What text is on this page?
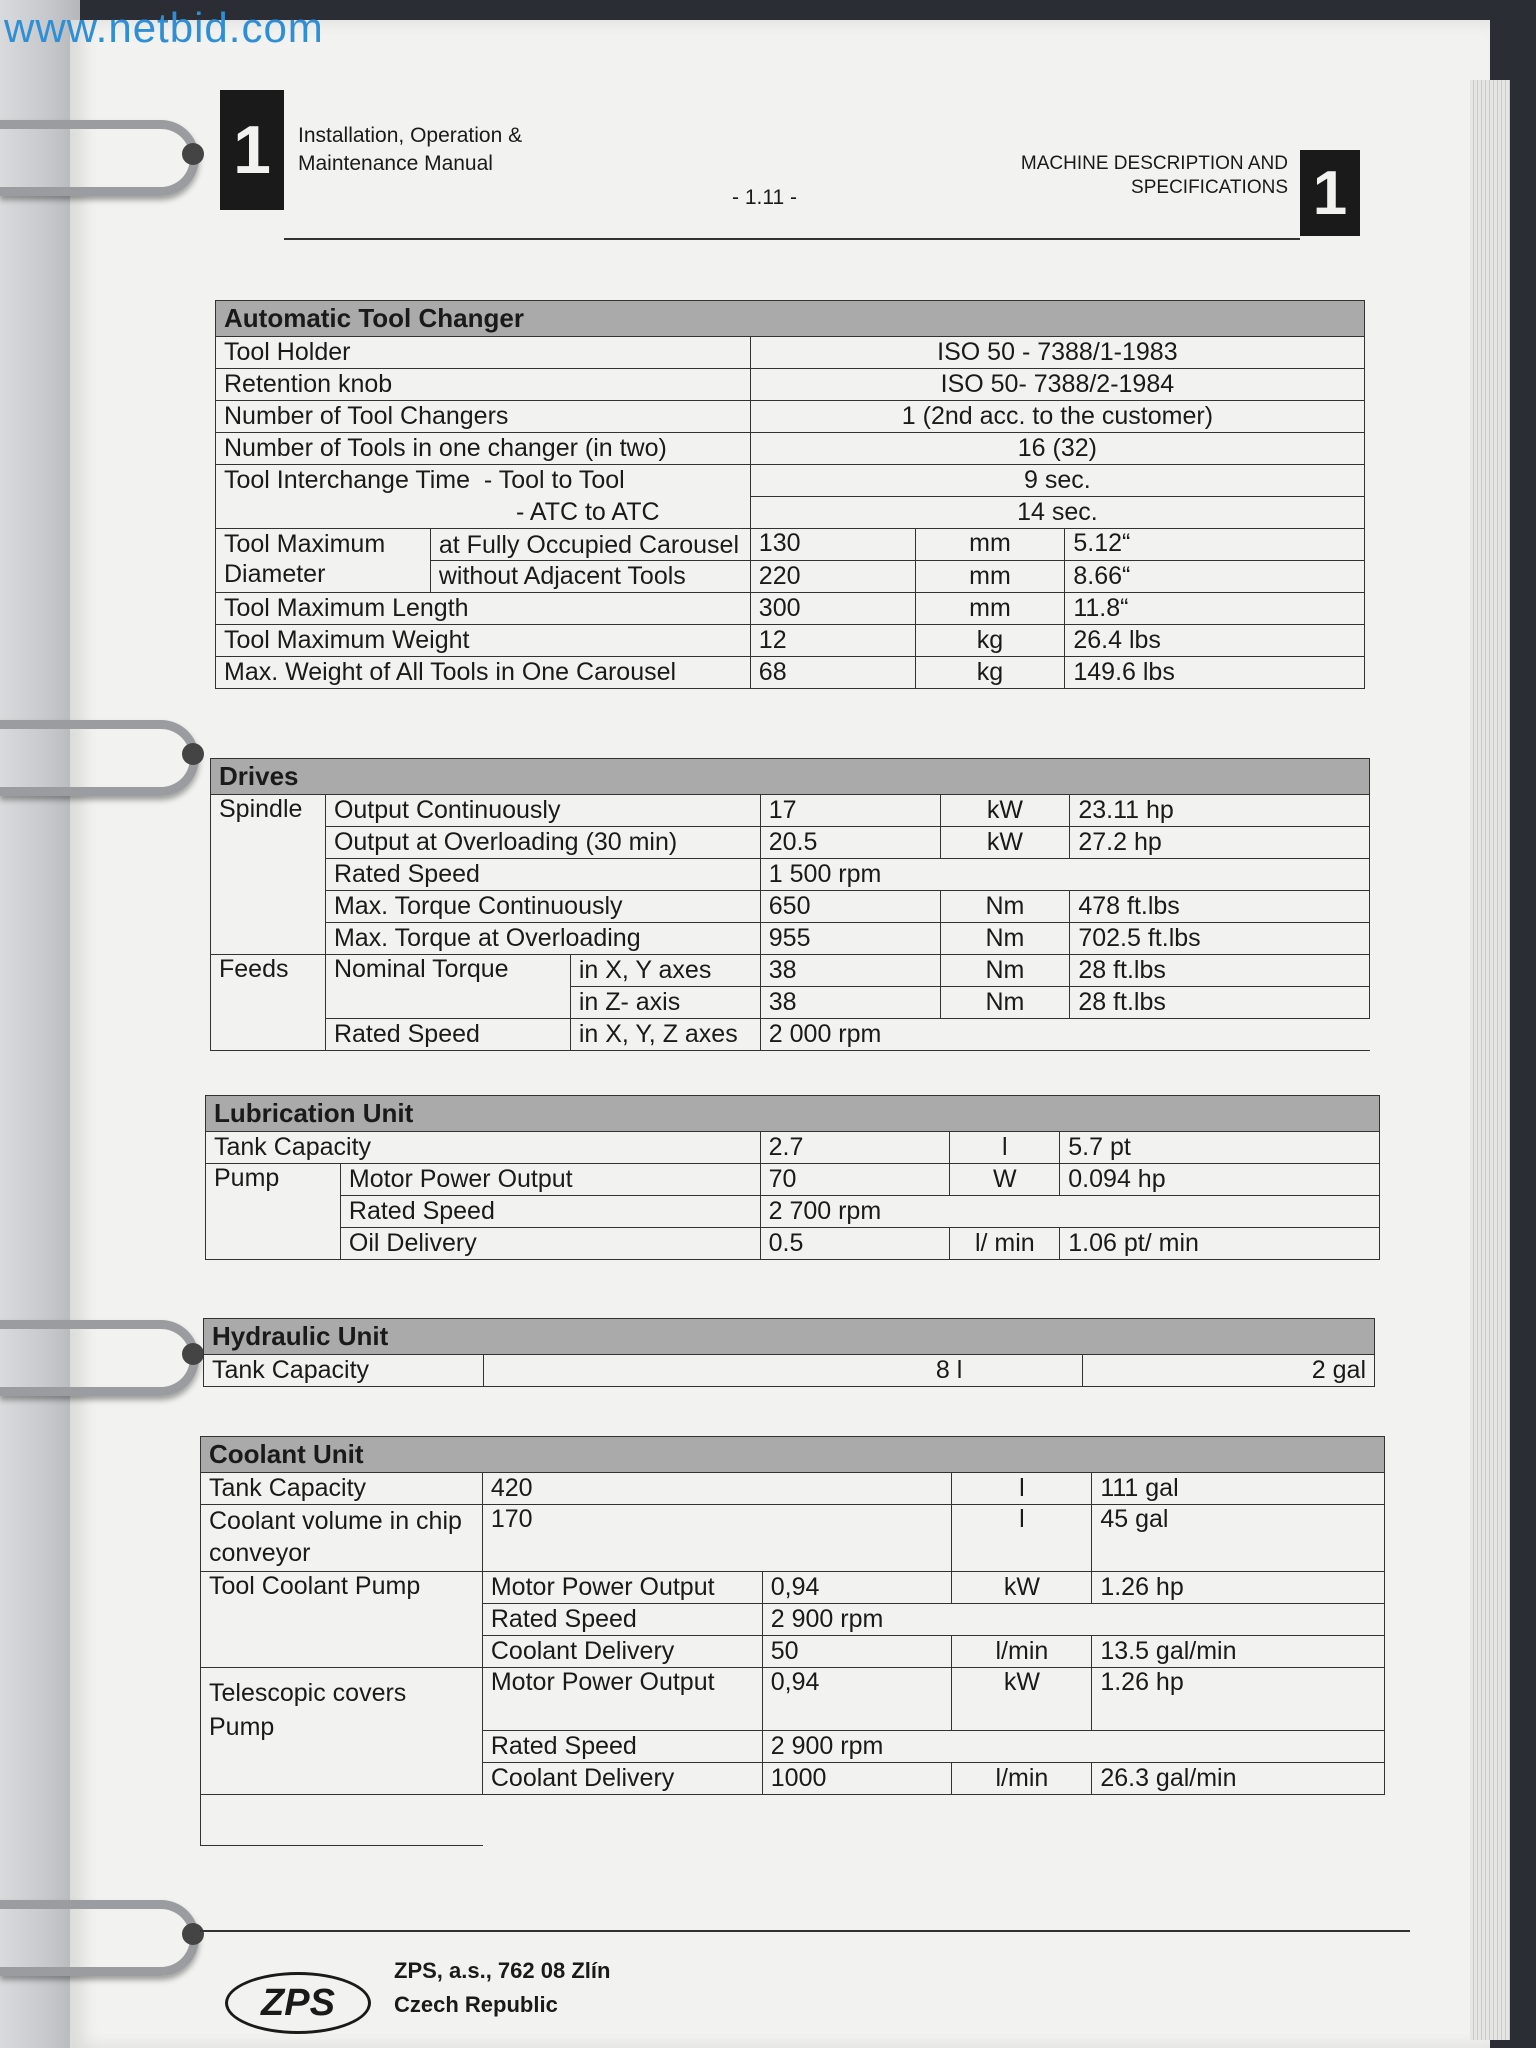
www.netbid.com
1	Installation, Operation & Maintenance Manual
- 1.11 -
MACHINE DESCRIPTION AND SPECIFICATIONS 1
Automatic Tool Changer				
Tool Holder		ISO 50 - 7388/1-1983		
Retention knob		ISO 50- 7388/2-1984		
Number of Tool Changers		1 (2nd acc. to the customer)		
Number of Tools in one changer (in two)		16 (32)		
Tool Interchange Time - Tool to Tool		9 sec.		
- ATC to ATC		14 sec.		
Tool Maximum Diameter	at Fully Occupied Carousel	130	mm	5.12“
	without Adjacent Tools	220	mm	8.66“
Tool Maximum Length		300	mm	11.8“
Tool Maximum Weight		12	kg	26.4 lbs
Max. Weight of All Tools in One Carousel		68	kg	149.6 lbs
Drives					
Spindle	Output Continuously		17	kW	23.11 hp
	Output at Overloading (30 min)		20.5	kW	27.2 hp
	Rated Speed		1 500 rpm		
	Max. Torque Continuously		650	Nm	478 ft.lbs
	Max. Torque at Overloading		955	Nm	702.5 ft.lbs
Feeds	Nominal Torque	in X, Y axes	38	Nm	28 ft.lbs
		in Z- axis	38	Nm	28 ft.lbs
	Rated Speed	in X, Y, Z axes	2 000 rpm		
Lubrication Unit				
Tank Capacity		2.7	l	5.7 pt
Pump	Motor Power Output	70	W	0.094 hp
	Rated Speed	2 700 rpm		
	Oil Delivery	0.5	l/ min	1.06 pt/ min
Hydraulic Unit
Tank Capacity	8 l	2 gal
Coolant Unit				
Tank Capacity	420		l	111 gal
Coolant volume in chip conveyor	170		l	45 gal
Tool Coolant Pump	Motor Power Output	0,94	kW	1.26 hp
	Rated Speed	2 900 rpm		
	Coolant Delivery	50	l/min	13.5 gal/min
Telescopic covers Pump	Motor Power Output	0,94	kW	1.26 hp
	Rated Speed	2 900 rpm		
	Coolant Delivery	1000	l/min	26.3 gal/min

ZPS
ZPS, a.s., 762 08 Zlín
Czech Republic
